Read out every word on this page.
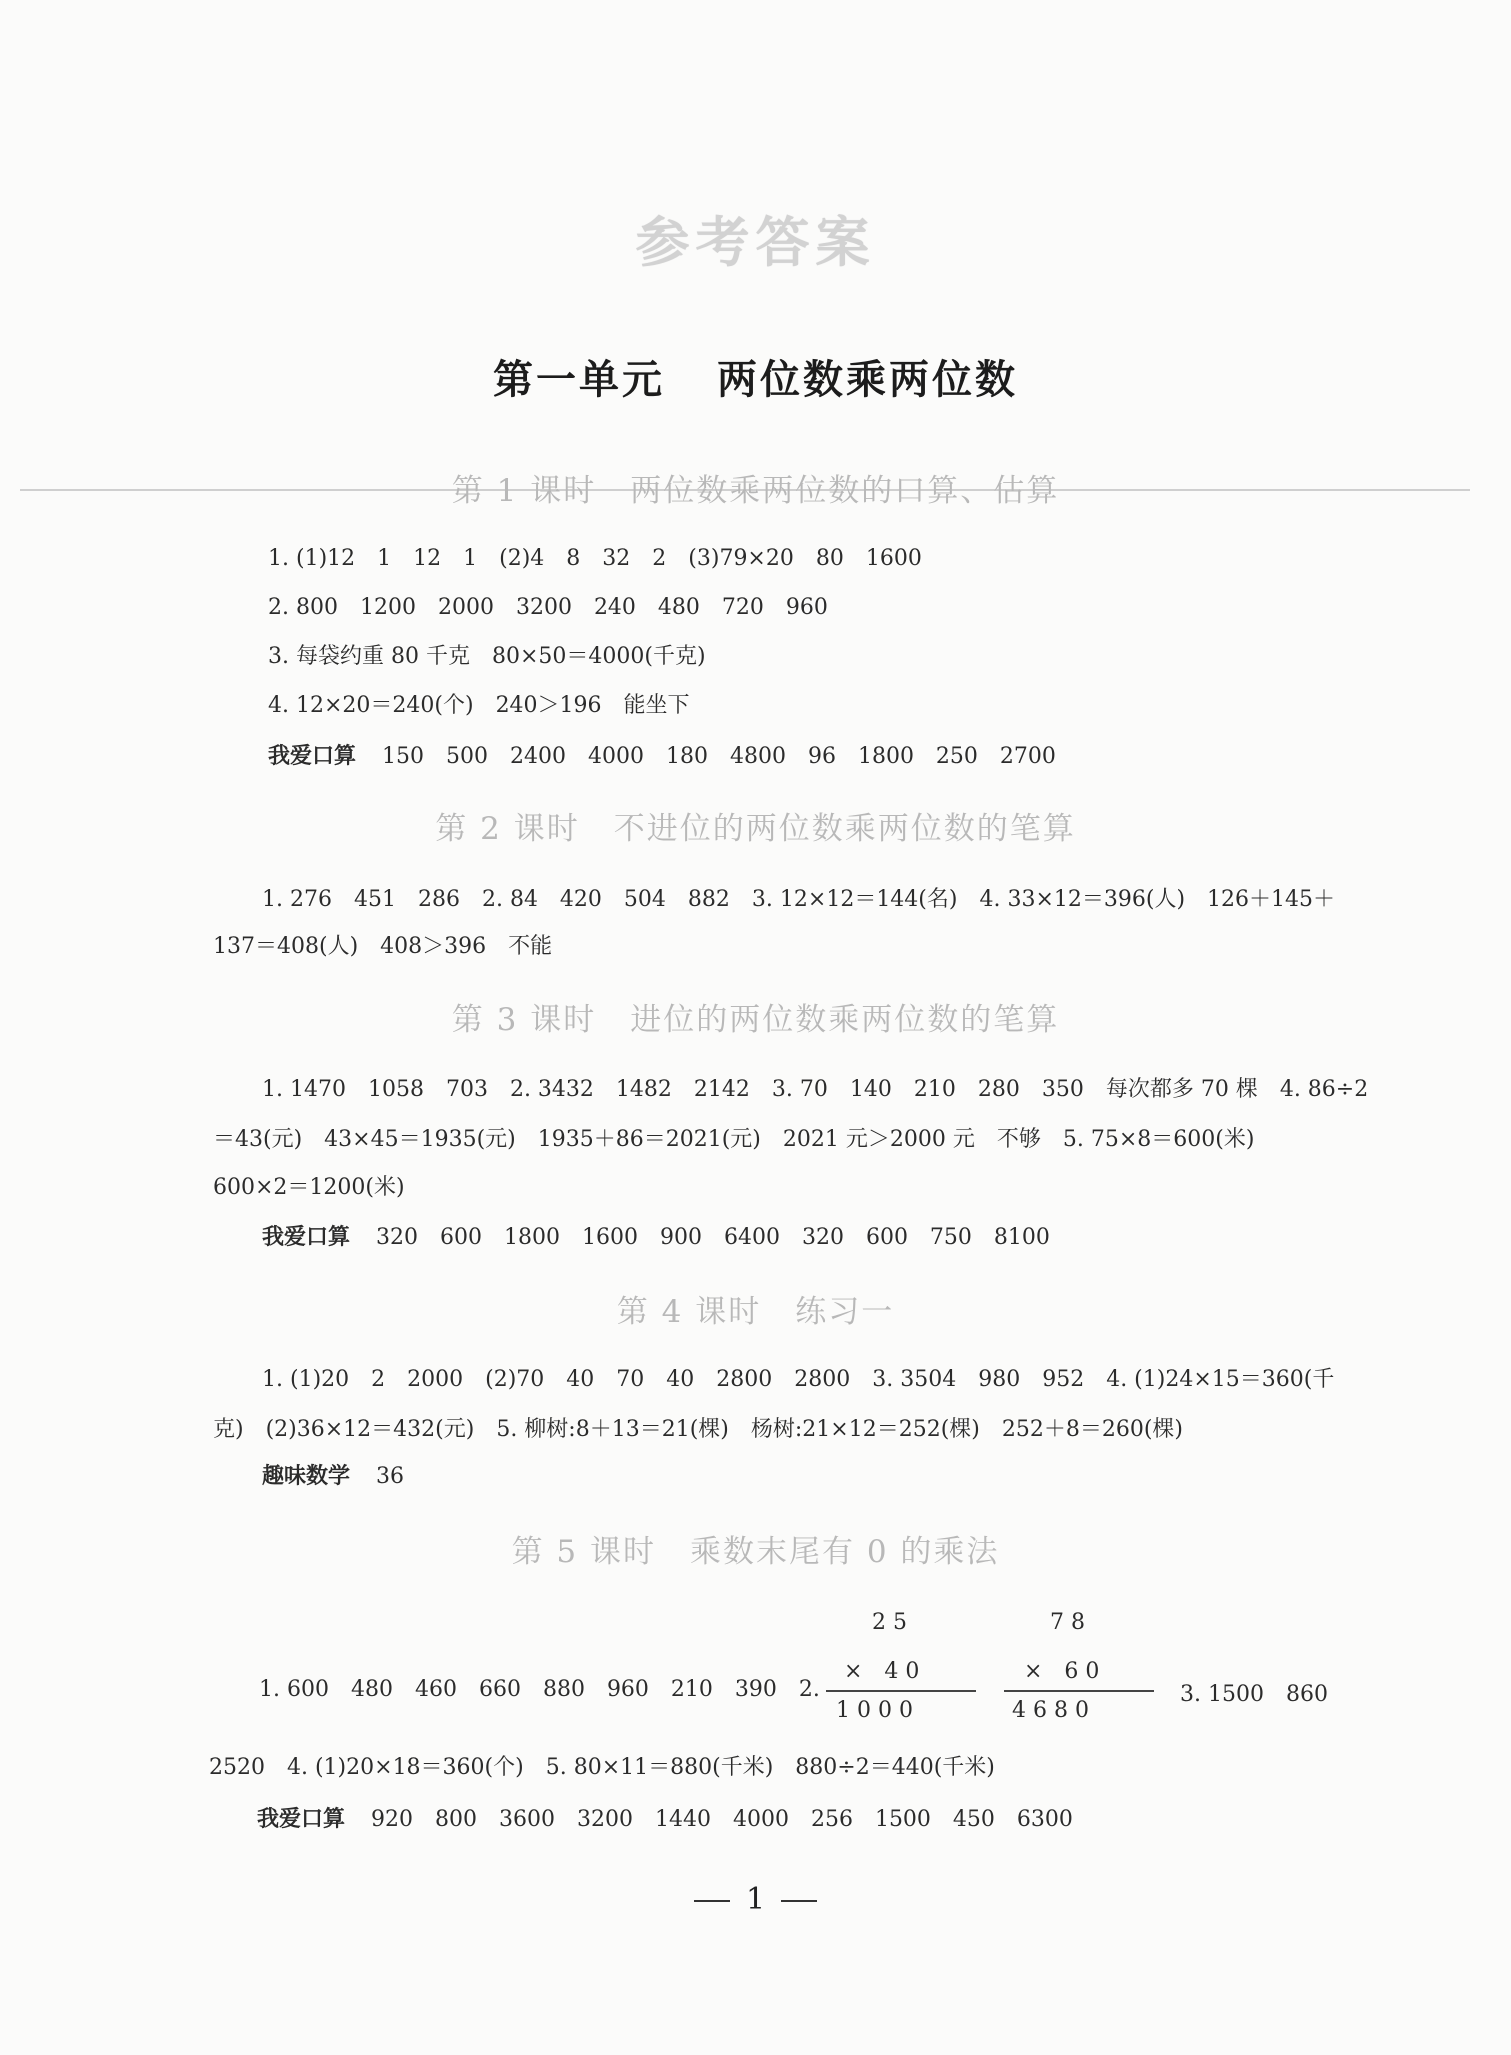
参考答案
第一单元 两位数乘两位数
第 1 课时 两位数乘两位数的口算、估算
1. (1)12　1　12　1　(2)4　8　32　2　(3)79×20　80　1600
2. 800　1200　2000　3200　240　480　720　960
3. 每袋约重 80 千克　80×50＝4000(千克)
4. 12×20＝240(个)　240＞196　能坐下
我爱口算 150　500　2400　4000　180　4800　96　1800　250　2700
第 2 课时 不进位的两位数乘两位数的笔算
1. 276　451　286　2. 84　420　504　882　3. 12×12＝144(名)　4. 33×12＝396(人)　126＋145＋
137＝408(人)　408＞396　不能
第 3 课时 进位的两位数乘两位数的笔算
1. 1470　1058　703　2. 3432　1482　2142　3. 70　140　210　280　350　每次都多 70 棵　4. 86÷2
＝43(元)　43×45＝1935(元)　1935＋86＝2021(元)　2021 元＞2000 元　不够　5. 75×8＝600(米)
600×2＝1200(米)
我爱口算 320　600　1800　1600　900　6400　320　600　750　8100
第 4 课时 练习一
1. (1)20　2　2000　(2)70　40　70　40　2800　2800　3. 3504　980　952　4. (1)24×15＝360(千
克)　(2)36×12＝432(元)　5. 柳树:8＋13＝21(棵)　杨树:21×12＝252(棵)　252＋8＝260(棵)
趣味数学 36
第 5 课时 乘数末尾有 0 的乘法
1. 600　480　460　660　880　960　210　390　2.
2 5
×　4 0
1 0 0 0
7 8
×　6 0
4 6 8 0
3. 1500　860
2520　4. (1)20×18＝360(个)　5. 80×11＝880(千米)　880÷2＝440(千米)
我爱口算 920　800　3600　3200　1440　4000　256　1500　450　6300
1
